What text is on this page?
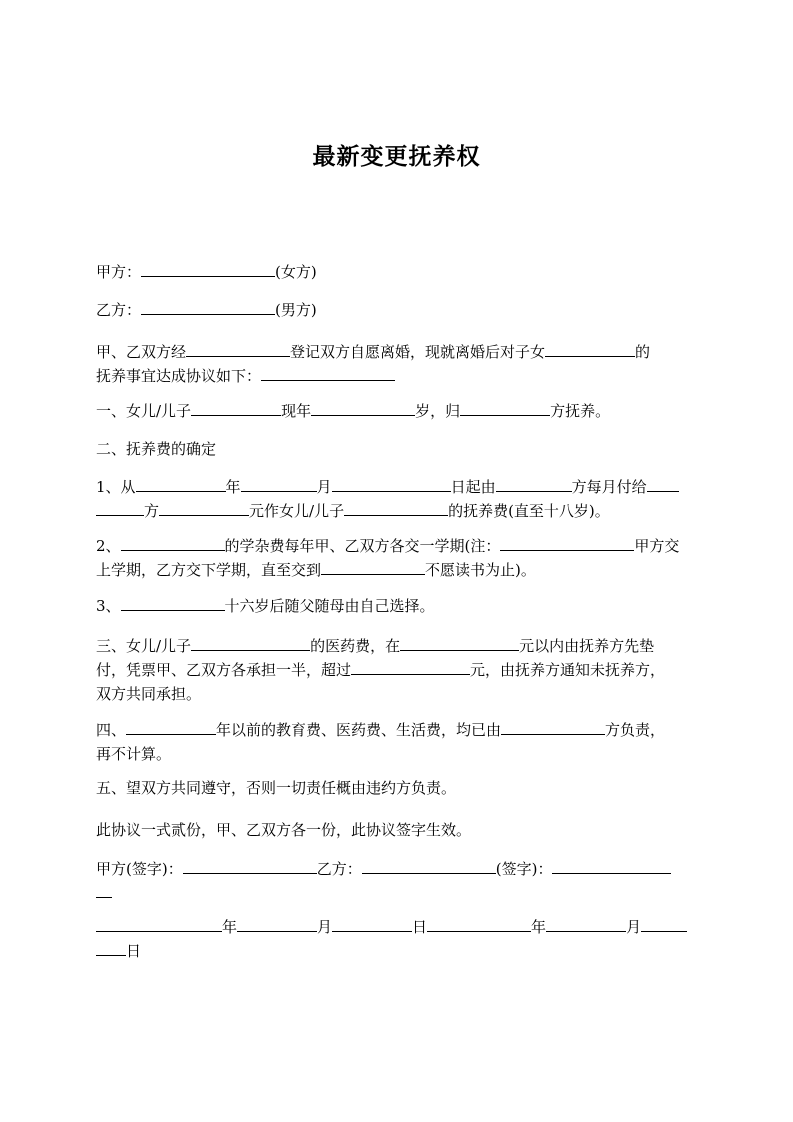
最新变更抚养权

甲方：	(女方)

乙方：	(男方)

甲、乙双方经	登记双方自愿离婚，现就离婚后对子女	的
抚养事宜达成协议如下：

一、女儿/儿子	现年	岁，归	方抚养。

二、抚养费的确定

1、从	年	月	日起由	方每月付给
方	元作女儿/儿子	的抚养费(直至十八岁)。

2、	的学杂费每年甲、乙双方各交一学期(注：	甲方交
上学期，乙方交下学期，直至交到	不愿读书为止)。

3、	十六岁后随父随母由自己选择。

三、女儿/儿子	的医药费，在	元以内由抚养方先垫
付，凭票甲、乙双方各承担一半，超过	元，由抚养方通知未抚养方，
双方共同承担。

四、	年以前的教育费、医药费、生活费，均已由	方负责，
再不计算。

五、望双方共同遵守，否则一切责任概由违约方负责。

此协议一式贰份，甲、乙双方各一份，此协议签字生效。

甲方(签字)：	乙方：	(签字)：

年	月	日	年	月
日
